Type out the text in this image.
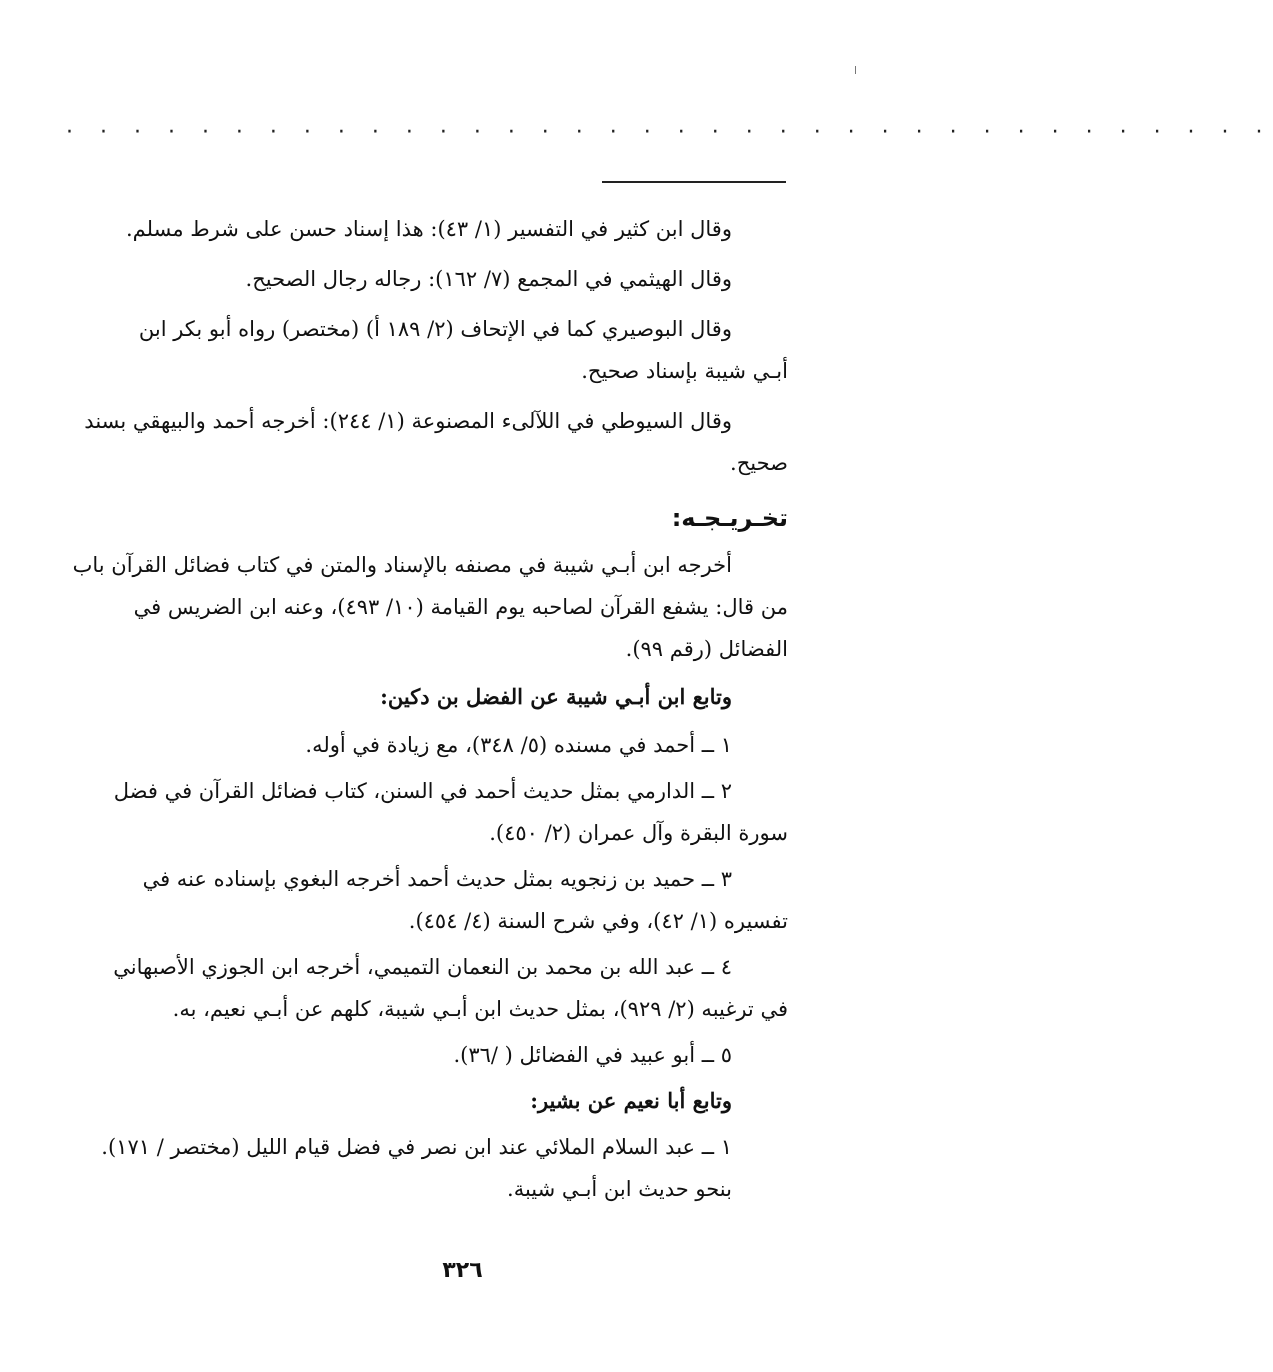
· · · · · · · · · · · · · · · · · · · · · · · · · · · · · · · · · · · ·
وقال ابن كثير في التفسير (١/ ٤٣): هذا إسناد حسن على شرط مسلم.
وقال الهيثمي في المجمع (٧/ ١٦٢): رجاله رجال الصحيح.
وقال البوصيري كما في الإتحاف (٢/ ١٨٩ أ) (مختصر) رواه أبو بكر ابن
أبـي شيبة بإسناد صحيح.
وقال السيوطي في اللآلىء المصنوعة (١/ ٢٤٤): أخرجه أحمد والبيهقي بسند
صحيح.
تخـريـجـه:
أخرجه ابن أبـي شيبة في مصنفه بالإسناد والمتن في كتاب فضائل القرآن باب
من قال: يشفع القرآن لصاحبه يوم القيامة (١٠/ ٤٩٣)، وعنه ابن الضريس في
الفضائل (رقم ٩٩).
وتابع ابن أبـي شيبة عن الفضل بن دكين:
١ ــ أحمد في مسنده (٥/ ٣٤٨)، مع زيادة في أوله.
٢ ــ الدارمي بمثل حديث أحمد في السنن، كتاب فضائل القرآن في فضل
سورة البقرة وآل عمران (٢/ ٤٥٠).
٣ ــ حميد بن زنجويه بمثل حديث أحمد أخرجه البغوي بإسناده عنه في
تفسيره (١/ ٤٢)، وفي شرح السنة (٤/ ٤٥٤).
٤ ــ عبد الله بن محمد بن النعمان التميمي، أخرجه ابن الجوزي الأصبهاني
في ترغيبه (٢/ ٩٢٩)، بمثل حديث ابن أبـي شيبة، كلهم عن أبـي نعيم، به.
٥ ــ أبو عبيد في الفضائل ( /٣٦).
وتابع أبا نعيم عن بشير:
١ ــ عبد السلام الملائي عند ابن نصر في فضل قيام الليل (مختصر / ١٧١).
بنحو حديث ابن أبـي شيبة.
٣٢٦
